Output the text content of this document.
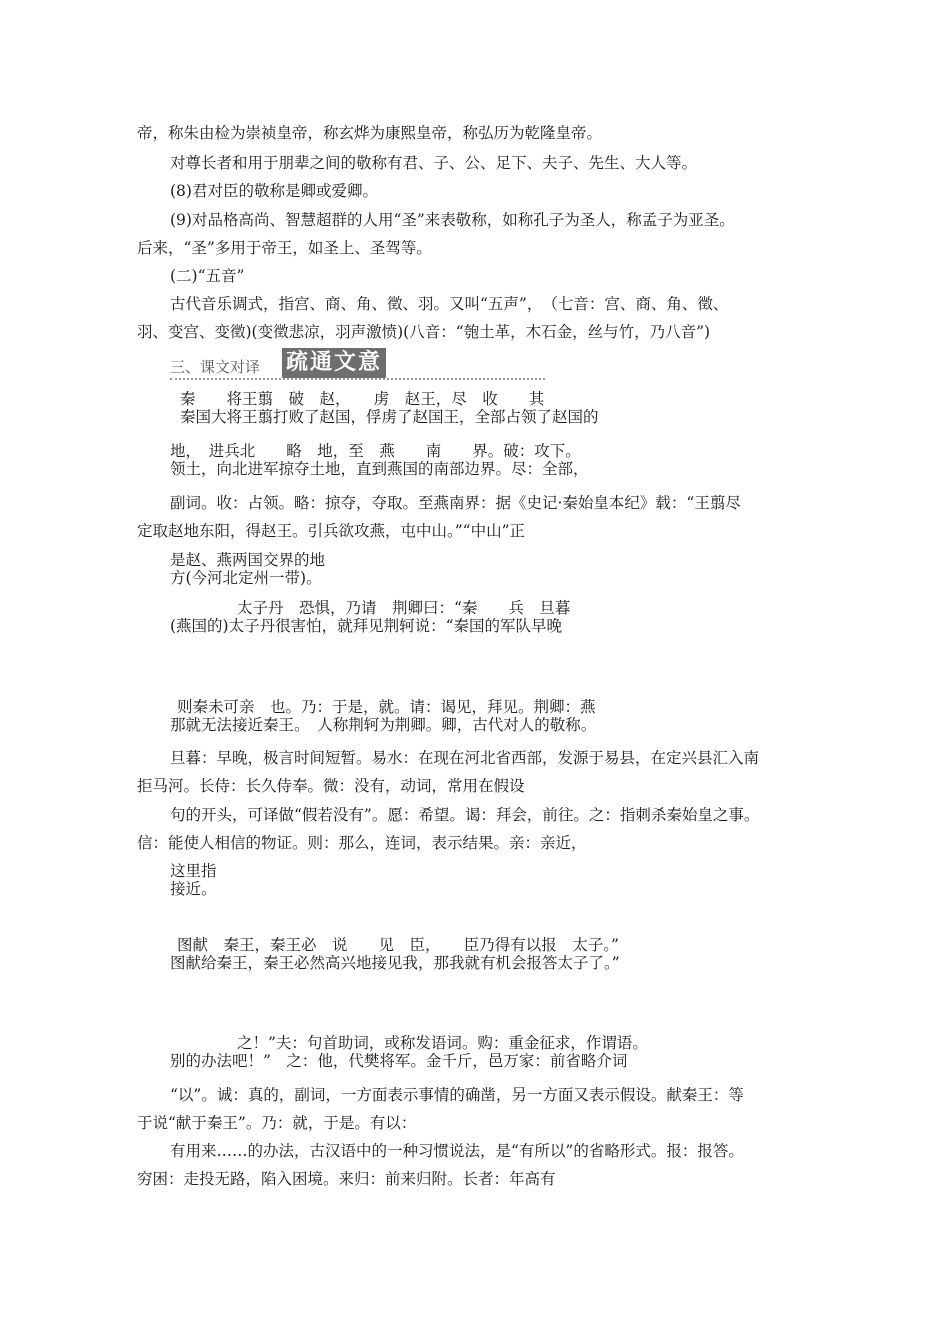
帝，称朱由检为崇祯皇帝，称玄烨为康熙皇帝，称弘历为乾隆皇帝。
对尊长者和用于朋辈之间的敬称有君、子、公、足下、夫子、先生、大人等。
(8)君对臣的敬称是卿或爱卿。
(9)对品格高尚、智慧超群的人用“圣”来表敬称，如称孔子为圣人，称孟子为亚圣。
后来，“圣”多用于帝王，如圣上、圣驾等。
(二)“五音”
古代音乐调式，指宫、商、角、徵、羽。又叫“五声”，　（七音：宫、商、角、徵、
羽、变宫、变徵)(变徵悲凉，羽声激愤)(八音：“匏土革，木石金，丝与竹，乃八音”)
三、课文对译 疏通文意
秦　　将王翦　破　赵，　　虏　赵王，尽　收　　其
秦国大将王翦打败了赵国，俘虏了赵国王，全部占领了赵国的
地，　进兵北　　略　地，至　燕　　南　　界。破：攻下。
领土，向北进军掠夺土地，直到燕国的南部边界。尽：全部，
副词。收：占领。略：掠夺，夺取。至燕南界：据《史记·秦始皇本纪》载：“王翦尽
定取赵地东阳，得赵王。引兵欲攻燕，屯中山。”“中山”正
是赵、燕两国交界的地
方(今河北定州一带)。
太子丹　恐惧，乃请　荆卿曰：“秦　　兵　旦暮
(燕国的)太子丹很害怕，就拜见荆轲说：“秦国的军队早晚
则秦未可亲　也。乃：于是，就。请：谒见，拜见。荆卿：燕
那就无法接近秦王。　人称荆轲为荆卿。卿，古代对人的敬称。
旦暮：早晚，极言时间短暂。易水：在现在河北省西部，发源于易县，在定兴县汇入南
拒马河。长侍：长久侍奉。微：没有，动词，常用在假设
句的开头，可译做“假若没有”。愿：希望。谒：拜会，前往。之：指刺杀秦始皇之事。
信：能使人相信的物证。则：那么，连词，表示结果。亲：亲近，
这里指
接近。
图献　秦王，秦王必　说　　见　臣，　　臣乃得有以报　太子。”
图献给秦王，秦王必然高兴地接见我，那我就有机会报答太子了。”
之！”夫：句首助词，或称发语词。购：重金征求，作谓语。
别的办法吧！”　之：他，代樊将军。金千斤，邑万家：前省略介词
“以”。诚：真的，副词，一方面表示事情的确凿，另一方面又表示假设。献秦王：等
于说“献于秦王”。乃：就，于是。有以：
有用来……的办法，古汉语中的一种习惯说法，是“有所以”的省略形式。报：报答。
穷困：走投无路，陷入困境。来归：前来归附。长者：年高有
